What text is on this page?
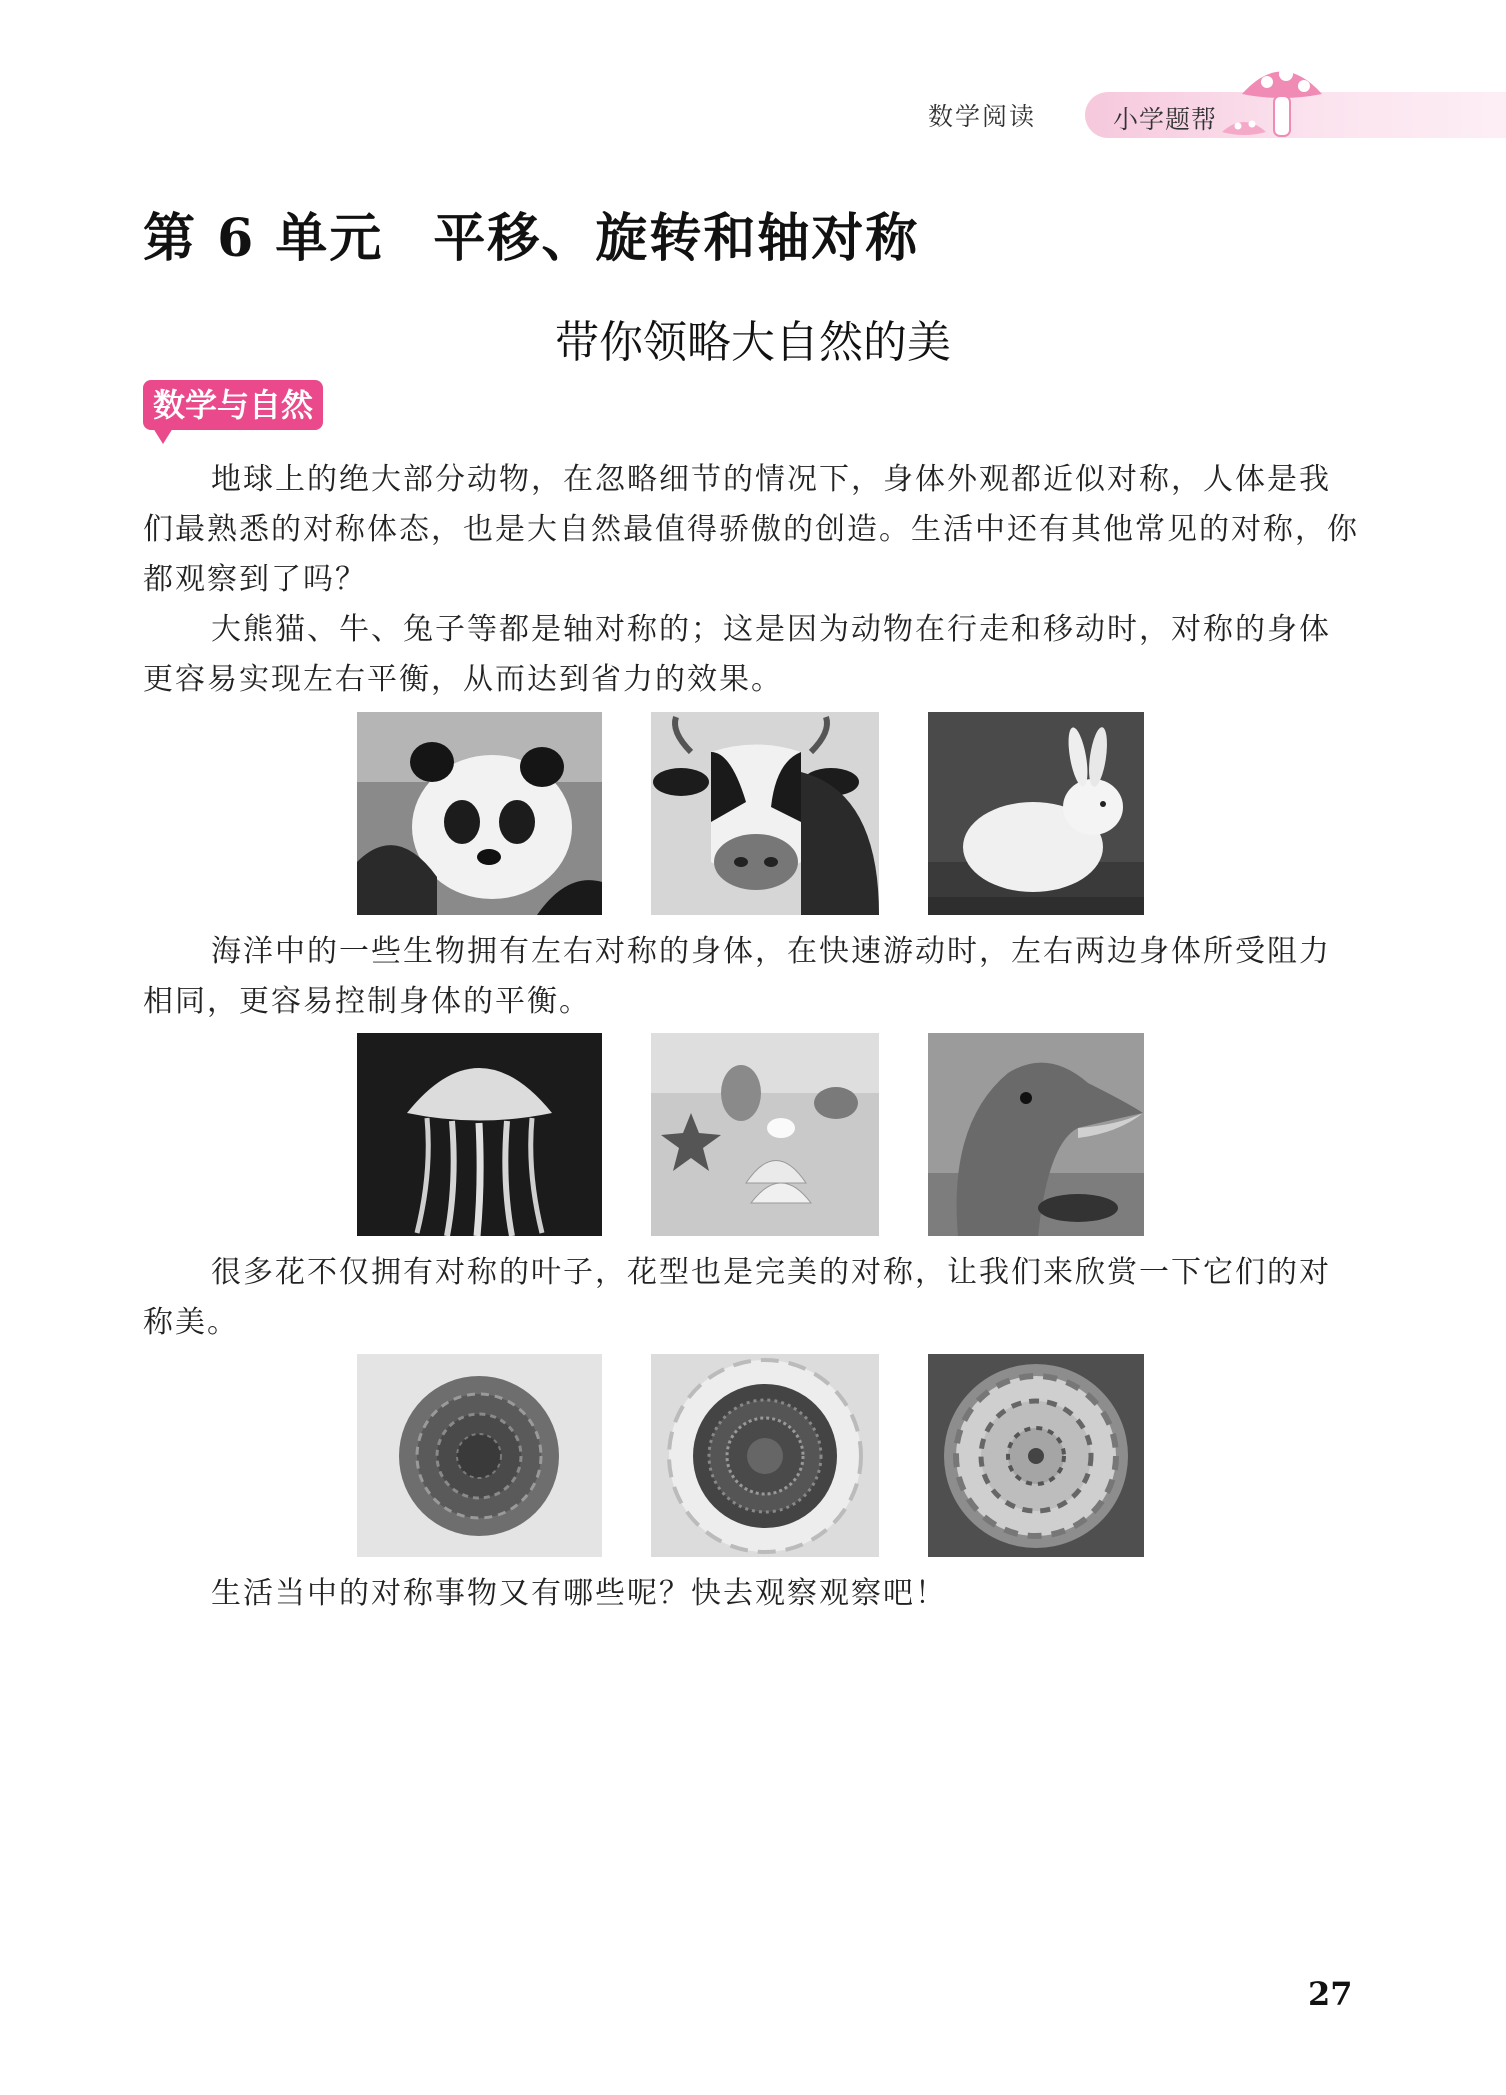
数学阅读	小学题帮
第 6 单元 平移、旋转和轴对称
带你领略大自然的美
数学与自然

地球上的绝大部分动物，在忽略细节的情况下，身体外观都近似对称，人体是我们最熟悉的对称体态，也是大自然最值得骄傲的创造。生活中还有其他常见的对称，你都观察到了吗？

大熊猫、牛、兔子等都是轴对称的；这是因为动物在行走和移动时，对称的身体更容易实现左右平衡，从而达到省力的效果。

海洋中的一些生物拥有左右对称的身体，在快速游动时，左右两边身体所受阻力相同，更容易控制身体的平衡。

很多花不仅拥有对称的叶子，花型也是完美的对称，让我们来欣赏一下它们的对称美。

生活当中的对称事物又有哪些呢？快去观察观察吧！

27
